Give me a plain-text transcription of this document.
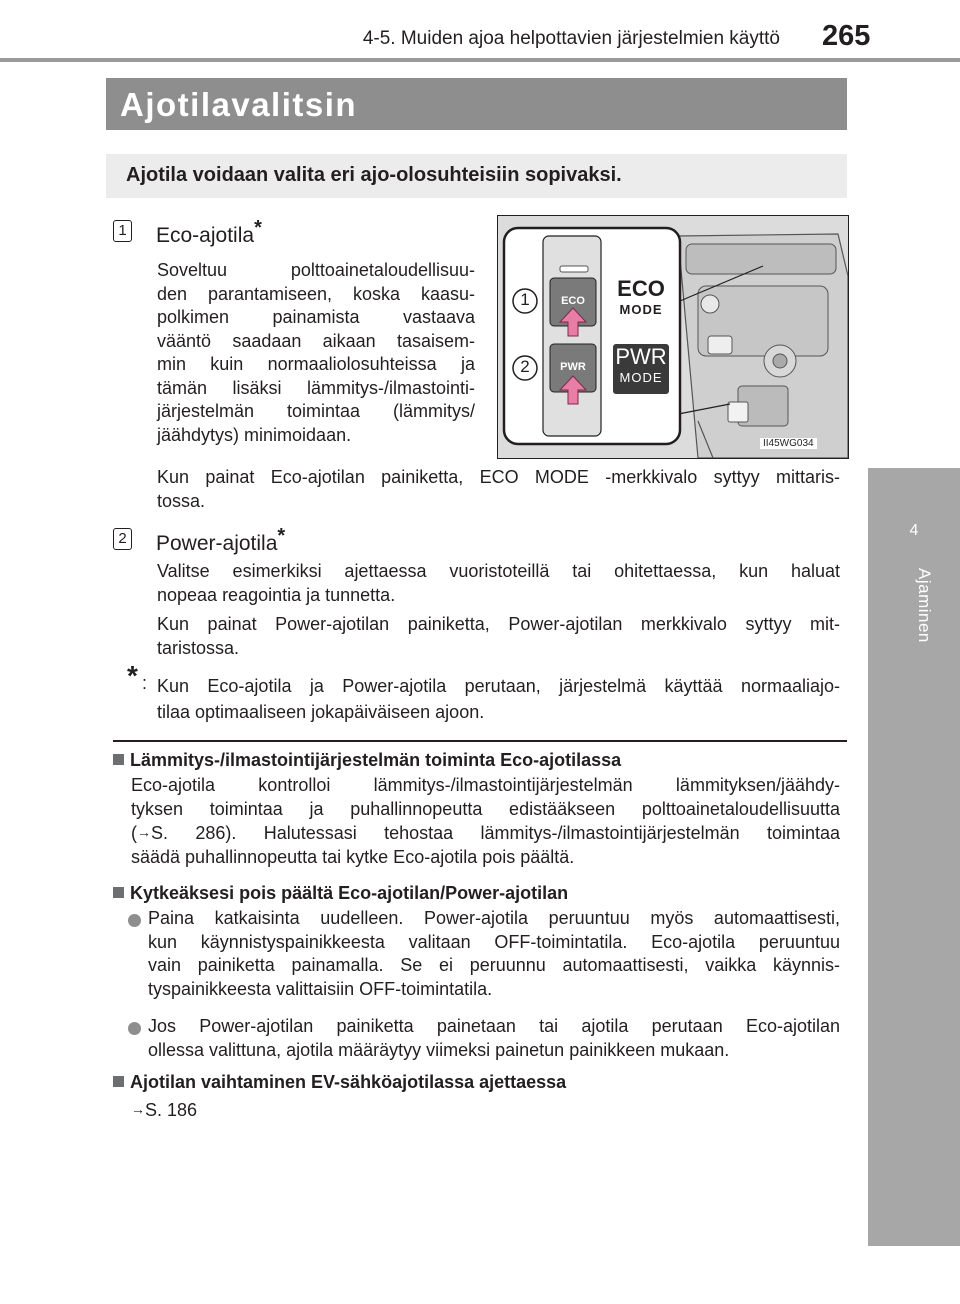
4-5. Muiden ajoa helpottavien järjestelmien käyttö 265
4
Ajaminen
Ajotilavalitsin
Ajotila voidaan valita eri ajo-olosuhteisiin sopivaksi.
1 Eco-ajotila*
Soveltuu polttoainetaloudellisuu-
den parantamiseen, koska kaasu-
polkimen painamista vastaava
vääntö saadaan aikaan tasaisem-
min kuin normaaliolosuhteissa ja
tämän lisäksi lämmitys-/ilmastointi-
järjestelmän toimintaa (lämmitys/
jäähdytys) minimoidaan.
1
2
ECO
PWR
ECO
MODE
PWR
MODE
II45WG034
Kun painat Eco-ajotilan painiketta, ECO MODE -merkkivalo syttyy mittaris-
tossa.
2 Power-ajotila*
Valitse esimerkiksi ajettaessa vuoristoteillä tai ohitettaessa, kun haluat
nopeaa reagointia ja tunnetta.
Kun painat Power-ajotilan painiketta, Power-ajotilan merkkivalo syttyy mit-
taristossa.
* : Kun Eco-ajotila ja Power-ajotila perutaan, järjestelmä käyttää normaaliajo-
tilaa optimaaliseen jokapäiväiseen ajoon.
Lämmitys-/ilmastointijärjestelmän toiminta Eco-ajotilassa
Eco-ajotila kontrolloi lämmitys-/ilmastointijärjestelmän lämmityksen/jäähdy-
tyksen toimintaa ja puhallinnopeutta edistääkseen polttoainetaloudellisuutta
(→S. 286). Halutessasi tehostaa lämmitys-/ilmastointijärjestelmän toimintaa
säädä puhallinnopeutta tai kytke Eco-ajotila pois päältä.
Kytkeäksesi pois päältä Eco-ajotilan/Power-ajotilan
Paina katkaisinta uudelleen. Power-ajotila peruuntuu myös automaattisesti,
kun käynnistyspainikkeesta valitaan OFF-toimintatila. Eco-ajotila peruuntuu
vain painiketta painamalla. Se ei peruunnu automaattisesti, vaikka käynnis-
tyspainikkeesta valittaisiin OFF-toimintatila.
Jos Power-ajotilan painiketta painetaan tai ajotila perutaan Eco-ajotilan
ollessa valittuna, ajotila määräytyy viimeksi painetun painikkeen mukaan.
Ajotilan vaihtaminen EV-sähköajotilassa ajettaessa
→S. 186
